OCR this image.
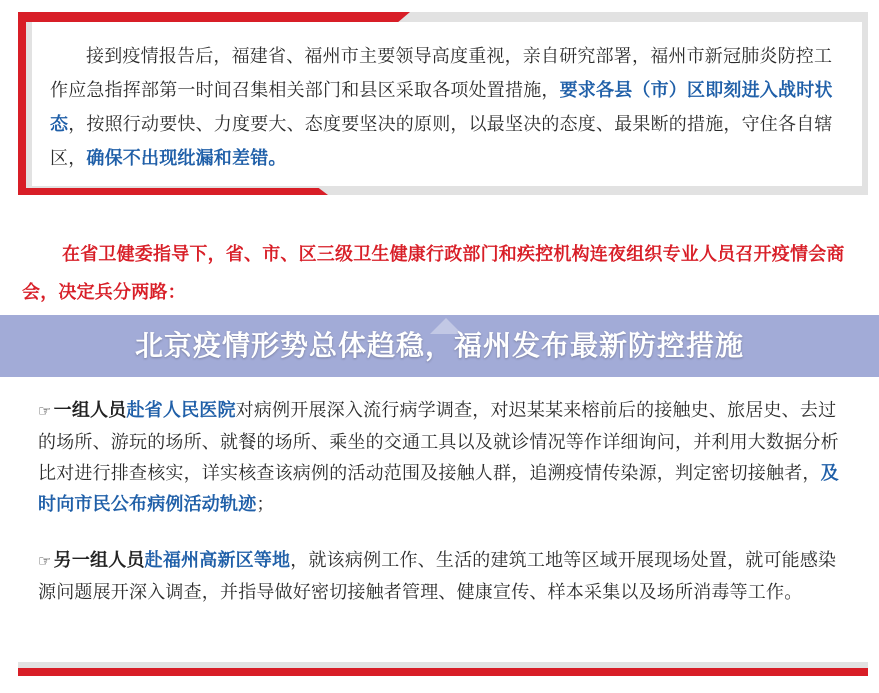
接到疫情报告后，福建省、福州市主要领导高度重视，亲自研究部署，福州市新冠肺炎防控工作应急指挥部第一时间召集相关部门和县区采取各项处置措施，要求各县（市）区即刻进入战时状态，按照行动要快、力度要大、态度要坚决的原则，以最坚决的态度、最果断的措施，守住各自辖区，确保不出现纰漏和差错。
在省卫健委指导下，省、市、区三级卫生健康行政部门和疾控机构连夜组织专业人员召开疫情会商会，决定兵分两路：
北京疫情形势总体趋稳，福州发布最新防控措施
☞ 一组人员赴省人民医院对病例开展深入流行病学调查，对迟某某来榕前后的接触史、旅居史、去过的场所、游玩的场所、就餐的场所、乘坐的交通工具以及就诊情况等作详细询问，并利用大数据分析比对进行排查核实，详实核查该病例的活动范围及接触人群，追溯疫情传染源，判定密切接触者，及时向市民公布病例活动轨迹；
☞ 另一组人员赴福州高新区等地，就该病例工作、生活的建筑工地等区域开展现场处置，就可能感染源问题展开深入调查，并指导做好密切接触者管理、健康宣传、样本采集以及场所消毒等工作。
